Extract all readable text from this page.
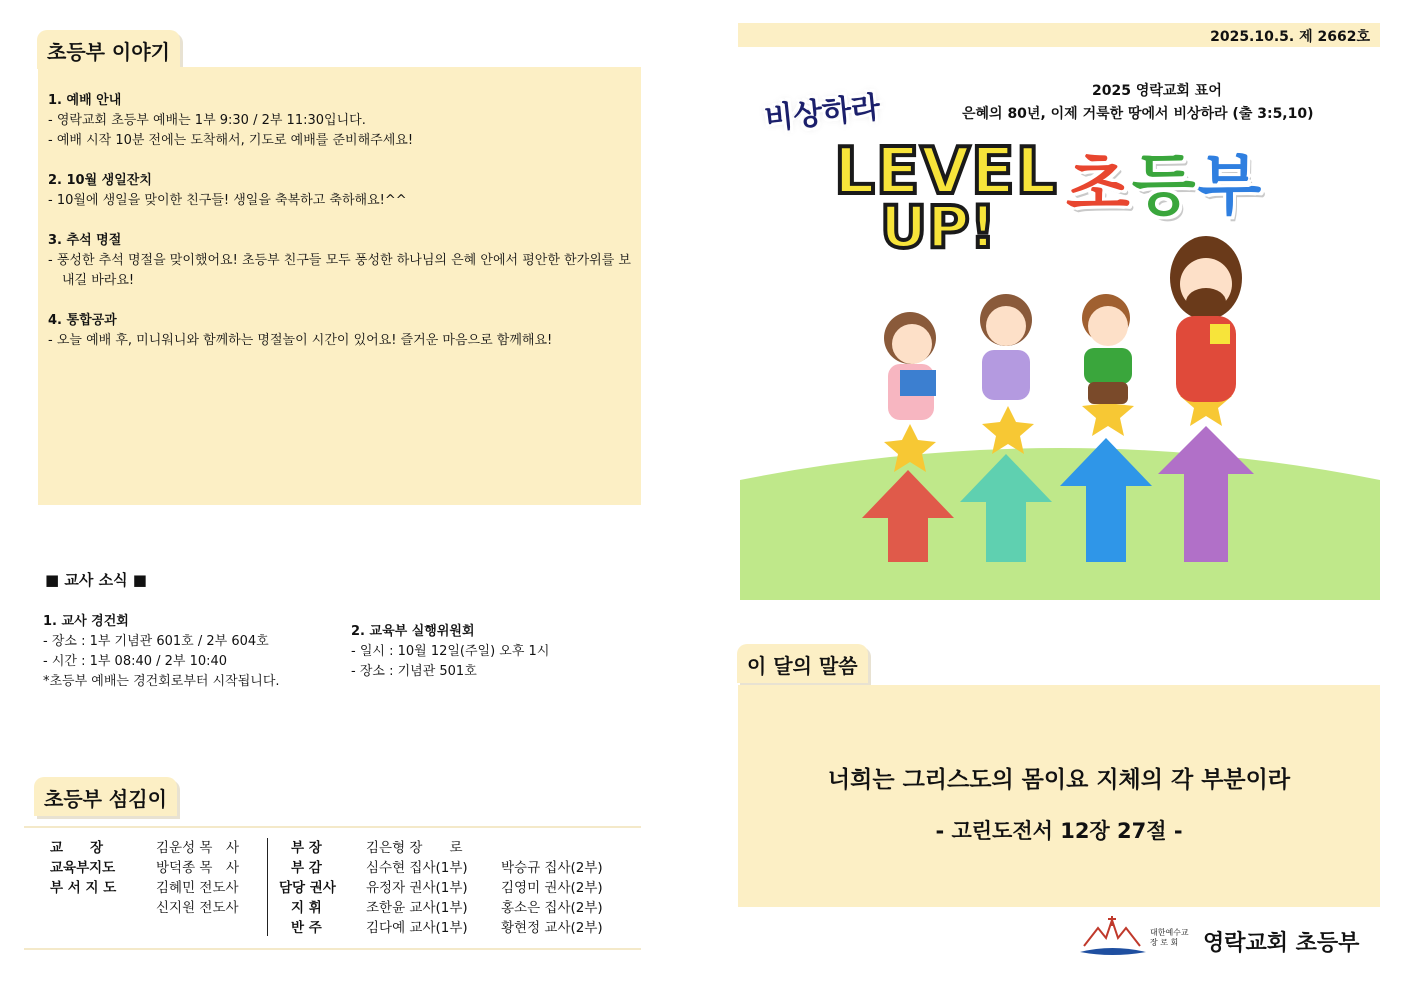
초등부 이야기
1. 예배 안내
- 영락교회 초등부 예배는 1부 9:30 / 2부 11:30입니다.
- 예배 시작 10분 전에는 도착해서, 기도로 예배를 준비해주세요!
2. 10월 생일잔치
- 10월에 생일을 맞이한 친구들! 생일을 축복하고 축하해요!^^
3. 추석 명절
- 풍성한 추석 명절을 맞이했어요! 초등부 친구들 모두 풍성한 하나님의 은혜 안에서 평안한 한가위를 보내길 바라요!
4. 통합공과
- 오늘 예배 후, 미니워니와 함께하는 명절놀이 시간이 있어요! 즐거운 마음으로 함께해요!
■ 교사 소식 ■
1. 교사 경건회
- 장소 : 1부 기념관 601호 / 2부 604호
- 시간 : 1부 08:40 / 2부 10:40
*초등부 예배는 경건회로부터 시작됩니다.
2. 교육부 실행위원회
- 일시 : 10월 12일(주일) 오후 1시
- 장소 : 기념관 501호
초등부 섬김이
교　　장
교육부지도
부 서 지 도
김운성 목　사
방덕종 목　사
김혜민 전도사
신지원 전도사
부 장
부 감
담당 권사
지 휘
반 주
김은형 장　　로
심수현 집사(1부)
유정자 권사(1부)
조한윤 교사(1부)
김다예 교사(1부)
박승규 집사(2부)
김영미 권사(2부)
홍소은 집사(2부)
황현정 교사(2부)
2025.10.5. 제 2662호
2025 영락교회 표어
은혜의 80년, 이제 거룩한 땅에서 비상하라 (출 3:5,10)
비상하라
LEVEL
UP!
초등부
이 달의 말씀
너희는 그리스도의 몸이요 지체의 각 부분이라
- 고린도전서 12장 27절 -
대한예수교
장 로 회	영락교회 초등부
